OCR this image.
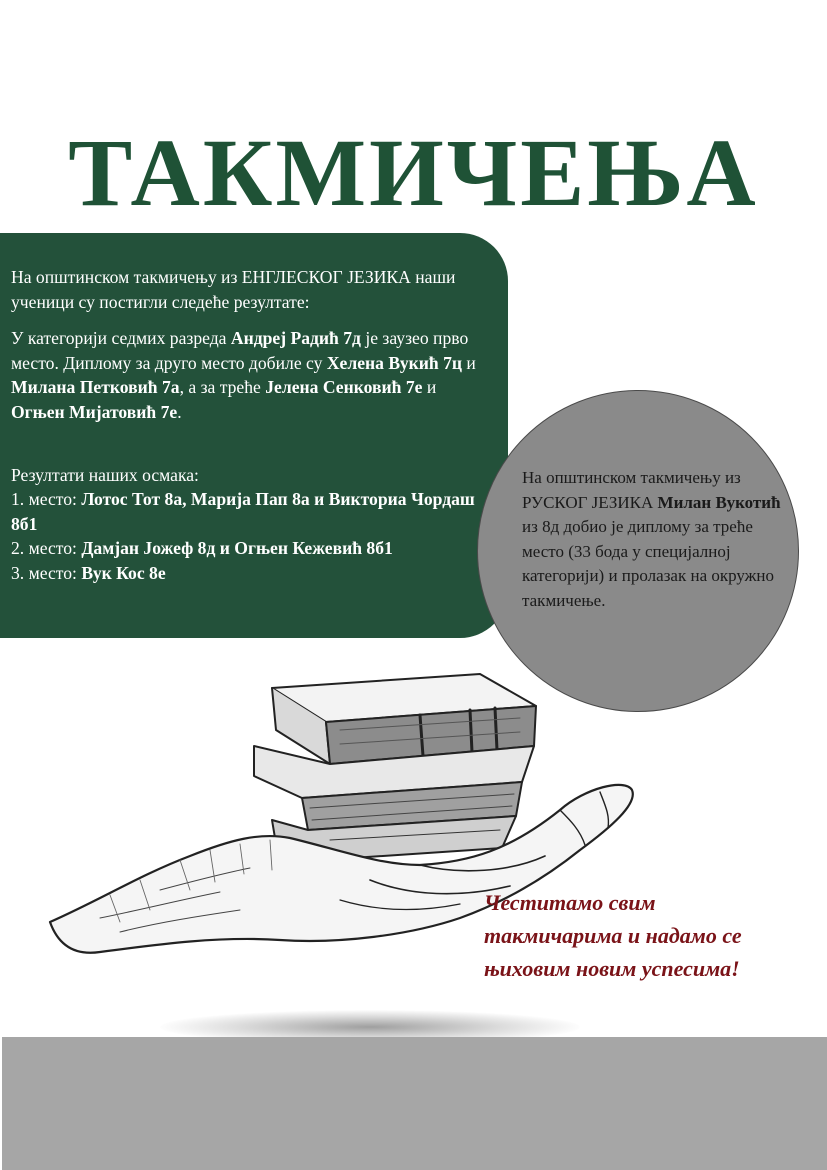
ТАКМИЧЕЊА

На општинском такмичењу из ЕНГЛЕСКОГ ЈЕЗИКА наши ученици су постигли следеће резултате:

У категорији седмих разреда Андреј Радић 7д је заузео прво место. Диплому за друго место добиле су Хелена Вукић 7ц и Милана Петковић 7а, а за треће Јелена Сенковић 7е и Огњен Мијатовић 7е.

Резултати наших осмака:

1. место: Лотос Тот 8а, Марија Пап 8а и Викториа Чордаш 8б1

2. место: Дамјан Јожеф 8д и Огњен Кежевић 8б1

3. место: Вук Кос 8е

На општинском такмичењу из РУСКОГ ЈЕЗИКА Милан Вукотић из 8д добио је диплому за треће место (33 бода у специјалној категорији) и пролазак на окружно такмичење.

Честитамо свим
такмичарима и надамо се
њиховим новим успесима!
